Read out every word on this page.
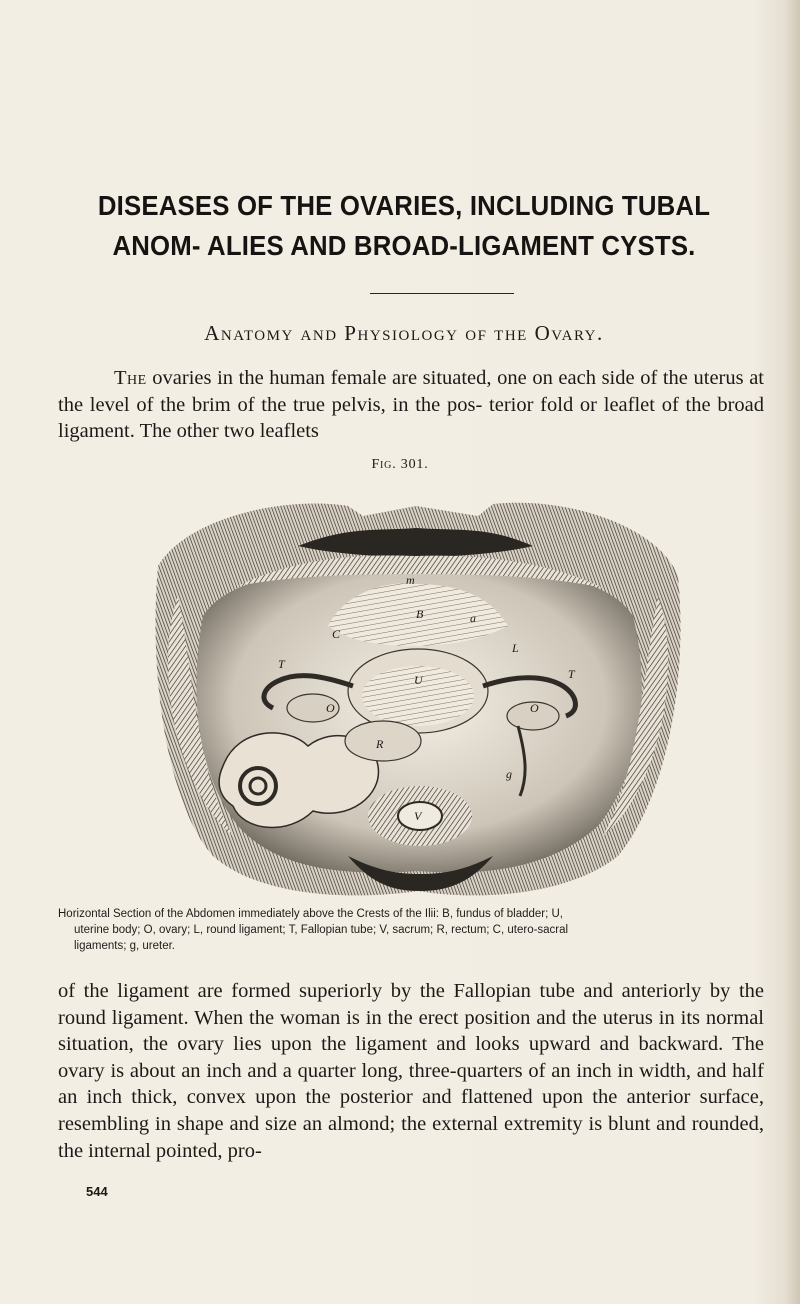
DISEASES OF THE OVARIES, INCLUDING TUBAL ANOM- ALIES AND BROAD-LIGAMENT CYSTS.
Anatomy and Physiology of the Ovary.

The ovaries in the human female are situated, one on each side of the uterus at the level of the brim of the true pelvis, in the pos- terior fold or leaflet of the broad ligament. The other two leaflets

Fig. 301.
B
U
O	O
L
T
T
V
R
C
g
a
m

Horizontal Section of the Abdomen immediately above the Crests of the Ilii: B, fundus of bladder; U,
uterine body; O, ovary; L, round ligament; T, Fallopian tube; V, sacrum; R, rectum; C, utero-sacral
ligaments; g, ureter.

of the ligament are formed superiorly by the Fallopian tube and anteriorly by the round ligament. When the woman is in the erect position and the uterus in its normal situation, the ovary lies upon the ligament and looks upward and backward. The ovary is about an inch and a quarter long, three-quarters of an inch in width, and half an inch thick, convex upon the posterior and flattened upon the anterior surface, resembling in shape and size an almond; the external extremity is blunt and rounded, the internal pointed, pro-

544
